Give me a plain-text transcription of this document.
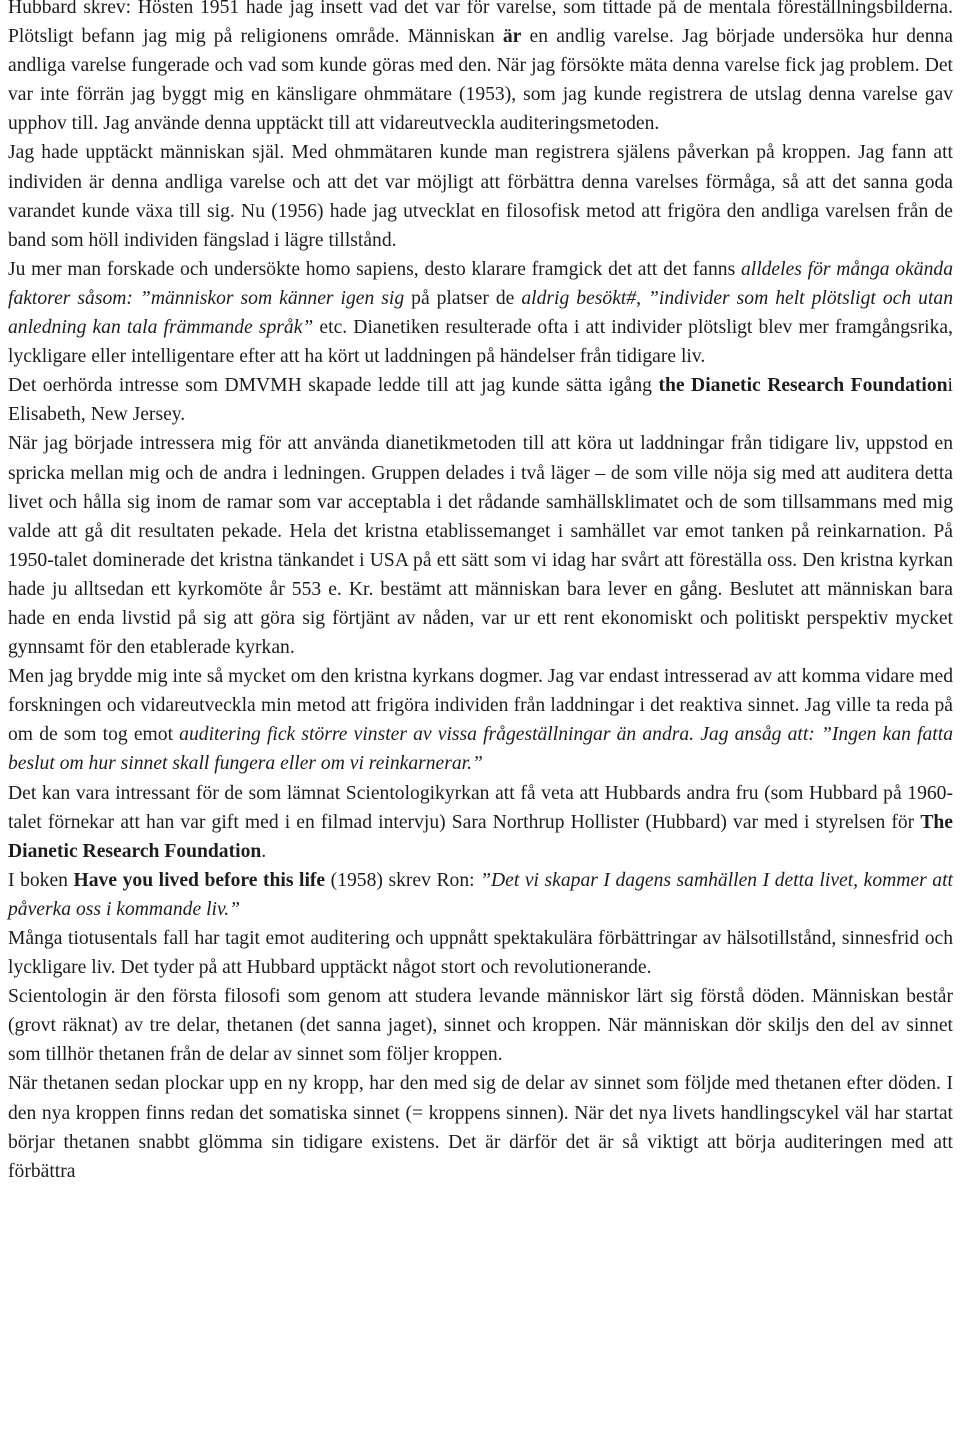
Hubbard skrev: Hösten 1951 hade jag insett vad det var för varelse, som tittade på de mentala föreställningsbilderna. Plötsligt befann jag mig på religionens område. Människan är en andlig varelse. Jag började undersöka hur denna andliga varelse fungerade och vad som kunde göras med den. När jag försökte mäta denna varelse fick jag problem. Det var inte förrän jag byggt mig en känsligare ohmmätare (1953), som jag kunde registrera de utslag denna varelse gav upphov till. Jag använde denna upptäckt till att vidareutveckla auditeringsmetoden.

Jag hade upptäckt människan själ. Med ohmmätaren kunde man registrera själens påverkan på kroppen. Jag fann att individen är denna andliga varelse och att det var möjligt att förbättra denna varelses förmåga, så att det sanna goda varandet kunde växa till sig. Nu (1956) hade jag utvecklat en filosofisk metod att frigöra den andliga varelsen från de band som höll individen fängslad i lägre tillstånd.

Ju mer man forskade och undersökte homo sapiens, desto klarare framgick det att det fanns alldeles för många okända faktorer såsom: ”människor som känner igen sig på platser de aldrig besökt#, ”individer som helt plötsligt och utan anledning kan tala främmande språk” etc. Dianetiken resulterade ofta i att individer plötsligt blev mer framgångsrika, lyckligare eller intelligentare efter att ha kört ut laddningen på händelser från tidigare liv.

Det oerhörda intresse som DMVMH skapade ledde till att jag kunde sätta igång the Dianetic Research Foundationi Elisabeth, New Jersey.

När jag började intressera mig för att använda dianetikmetoden till att köra ut laddningar från tidigare liv, uppstod en spricka mellan mig och de andra i ledningen. Gruppen delades i två läger – de som ville nöja sig med att auditera detta livet och hålla sig inom de ramar som var acceptabla i det rådande samhällsklimatet och de som tillsammans med mig valde att gå dit resultaten pekade. Hela det kristna etablissemanget i samhället var emot tanken på reinkarnation. På 1950-talet dominerade det kristna tänkandet i USA på ett sätt som vi idag har svårt att föreställa oss. Den kristna kyrkan hade ju alltsedan ett kyrkomöte år 553 e. Kr. bestämt att människan bara lever en gång. Beslutet att människan bara hade en enda livstid på sig att göra sig förtjänt av nåden, var ur ett rent ekonomiskt och politiskt perspektiv mycket gynnsamt för den etablerade kyrkan.

Men jag brydde mig inte så mycket om den kristna kyrkans dogmer. Jag var endast intresserad av att komma vidare med forskningen och vidareutveckla min metod att frigöra individen från laddningar i det reaktiva sinnet. Jag ville ta reda på om de som tog emot auditering fick större vinster av vissa frågeställningar än andra. Jag ansåg att: ”Ingen kan fatta beslut om hur sinnet skall fungera eller om vi reinkarnerar.”

Det kan vara intressant för de som lämnat Scientologikyrkan att få veta att Hubbards andra fru (som Hubbard på 1960-talet förnekar att han var gift med i en filmad intervju) Sara Northrup Hollister (Hubbard) var med i styrelsen för The Dianetic Research Foundation.

I boken Have you lived before this life (1958) skrev Ron: ”Det vi skapar I dagens samhällen I detta livet, kommer att påverka oss i kommande liv.”

Många tiotusentals fall har tagit emot auditering och uppnått spektakulära förbättringar av hälsotillstånd, sinnesfrid och lyckligare liv. Det tyder på att Hubbard upptäckt något stort och revolutionerande.

Scientologin är den första filosofi som genom att studera levande människor lärt sig förstå döden. Människan består (grovt räknat) av tre delar, thetanen (det sanna jaget), sinnet och kroppen. När människan dör skiljs den del av sinnet som tillhör thetanen från de delar av sinnet som följer kroppen.

När thetanen sedan plockar upp en ny kropp, har den med sig de delar av sinnet som följde med thetanen efter döden. I den nya kroppen finns redan det somatiska sinnet (= kroppens sinnen). När det nya livets handlingscykel väl har startat börjar thetanen snabbt glömma sin tidigare existens. Det är därför det är så viktigt att börja auditeringen med att förbättra
